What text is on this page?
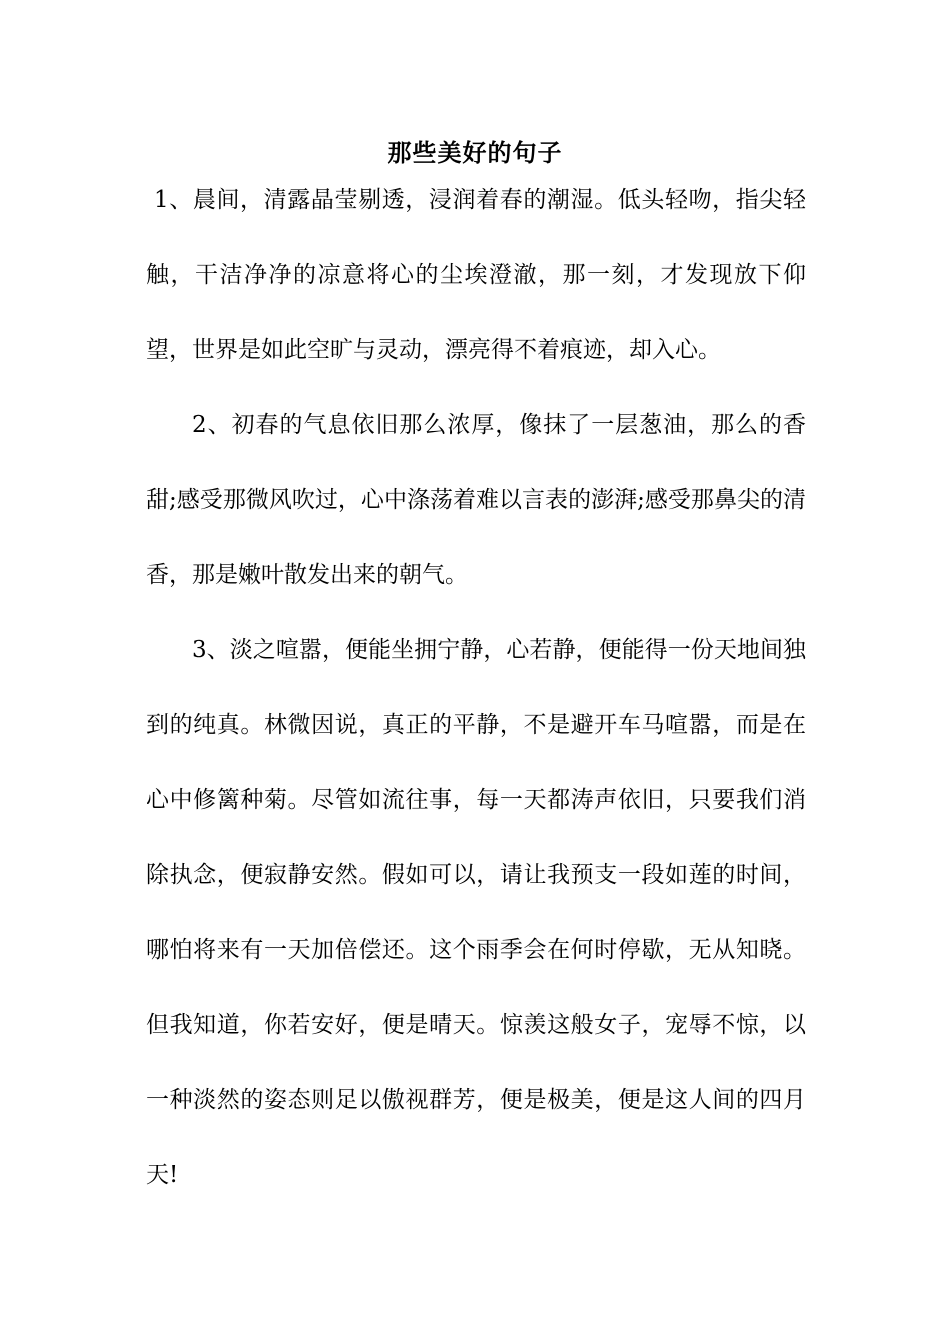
那些美好的句子

1、晨间，清露晶莹剔透，浸润着春的潮湿。低头轻吻，指尖轻触，干洁净净的凉意将心的尘埃澄澈，那一刻，才发现放下仰望，世界是如此空旷与灵动，漂亮得不着痕迹，却入心。

2、初春的气息依旧那么浓厚，像抹了一层葱油，那么的香甜;感受那微风吹过，心中涤荡着难以言表的澎湃;感受那鼻尖的清香，那是嫩叶散发出来的朝气。

3、淡之喧嚣，便能坐拥宁静，心若静，便能得一份天地间独到的纯真。林微因说，真正的平静，不是避开车马喧嚣，而是在心中修篱种菊。尽管如流往事，每一天都涛声依旧，只要我们消除执念，便寂静安然。假如可以，请让我预支一段如莲的时间，哪怕将来有一天加倍偿还。这个雨季会在何时停歇，无从知晓。但我知道，你若安好，便是晴天。惊羡这般女子，宠辱不惊，以一种淡然的姿态则足以傲视群芳，便是极美，便是这人间的四月天!
